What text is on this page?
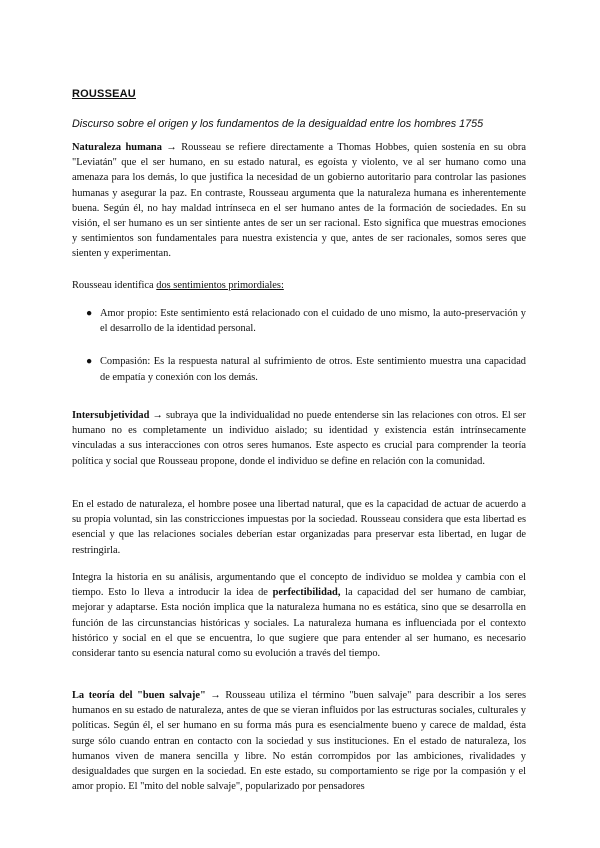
ROUSSEAU
Discurso sobre el origen y los fundamentos de la desigualdad entre los hombres 1755

Naturaleza humana → Rousseau se refiere directamente a Thomas Hobbes, quien sostenía en su obra "Leviatán" que el ser humano, en su estado natural, es egoísta y violento, ve al ser humano como una amenaza para los demás, lo que justifica la necesidad de un gobierno autoritario para controlar las pasiones humanas y asegurar la paz. En contraste, Rousseau argumenta que la naturaleza humana es inherentemente buena. Según él, no hay maldad intrínseca en el ser humano antes de la formación de sociedades. En su visión, el ser humano es un ser sintiente antes de ser un ser racional. Esto significa que muestras emociones y sentimientos son fundamentales para nuestra existencia y que, antes de ser racionales, somos seres que sienten y experimentan.

Rousseau identifica dos sentimientos primordiales:

● Amor propio: Este sentimiento está relacionado con el cuidado de uno mismo, la auto-preservación y el desarrollo de la identidad personal.
● Compasión: Es la respuesta natural al sufrimiento de otros. Este sentimiento muestra una capacidad de empatía y conexión con los demás.

Intersubjetividad → subraya que la individualidad no puede entenderse sin las relaciones con otros. El ser humano no es completamente un individuo aislado; su identidad y existencia están intrínsecamente vinculadas a sus interacciones con otros seres humanos. Este aspecto es crucial para comprender la teoría política y social que Rousseau propone, donde el individuo se define en relación con la comunidad.

En el estado de naturaleza, el hombre posee una libertad natural, que es la capacidad de actuar de acuerdo a su propia voluntad, sin las constricciones impuestas por la sociedad. Rousseau considera que esta libertad es esencial y que las relaciones sociales deberían estar organizadas para preservar esta libertad, en lugar de restringirla.

Integra la historia en su análisis, argumentando que el concepto de individuo se moldea y cambia con el tiempo. Esto lo lleva a introducir la idea de perfectibilidad, la capacidad del ser humano de cambiar, mejorar y adaptarse. Esta noción implica que la naturaleza humana no es estática, sino que se desarrolla en función de las circunstancias históricas y sociales. La naturaleza humana es influenciada por el contexto histórico y social en el que se encuentra, lo que sugiere que para entender al ser humano, es necesario considerar tanto su esencia natural como su evolución a través del tiempo.

La teoría del "buen salvaje" → Rousseau utiliza el término "buen salvaje" para describir a los seres humanos en su estado de naturaleza, antes de que se vieran influidos por las estructuras sociales, culturales y políticas. Según él, el ser humano en su forma más pura es esencialmente bueno y carece de maldad, ésta surge sólo cuando entran en contacto con la sociedad y sus instituciones. En el estado de naturaleza, los humanos viven de manera sencilla y libre. No están corrompidos por las ambiciones, rivalidades y desigualdades que surgen en la sociedad. En este estado, su comportamiento se rige por la compasión y el amor propio. El "mito del noble salvaje", popularizado por pensadores
